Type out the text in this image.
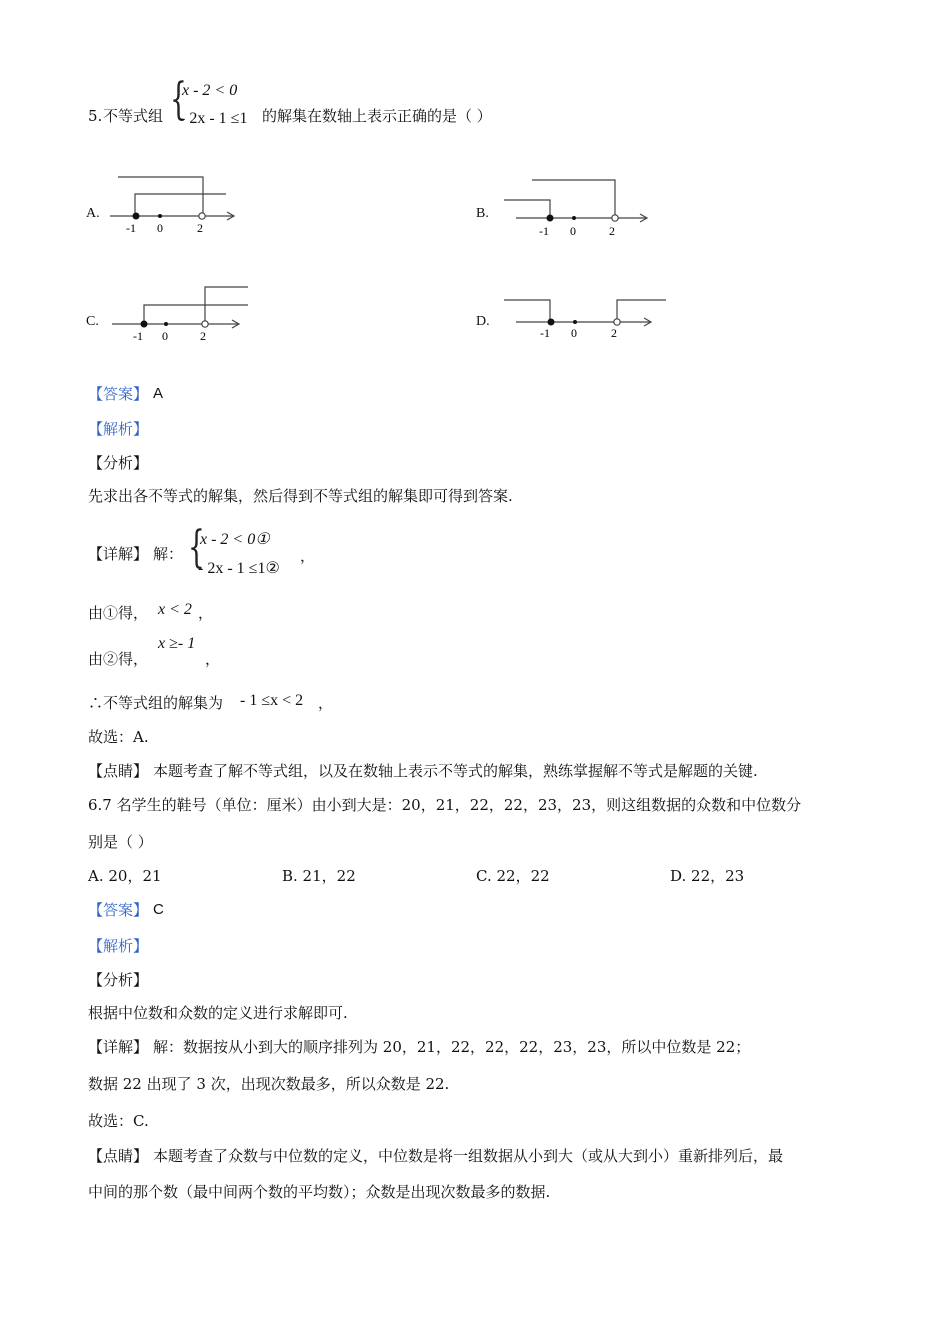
5. 不等式组 {
x - 2 < 0
- 2x - 1 ≤1 的解集在数轴上表示正确的是（ ）
A.
-1 0	2
B.
-1 0	2
C.
-1 0	2
D.
-1 0	2
【答案】 A
【解析】
【分析】
先求出各不等式的解集，然后得到不等式组的解集即可得到答案.
【详解】 解： {
x - 2 < 0①
- 2x - 1 ≤1②
，
由①得， x < 2 ，
由②得，
x ≥- 1
，
∴不等式组的解集为 - 1 ≤x < 2 ，
故选：A.
【点睛】 本题考查了解不等式组，以及在数轴上表示不等式的解集，熟练掌握解不等式是解题的关键.
6.7 名学生的鞋号（单位：厘米）由小到大是：20，21，22，22，23，23，则这组数据的众数和中位数分
别是（ ）
A. 20，21	B. 21，22	C. 22，22	D. 22，23
【答案】 C
【解析】
【分析】
根据中位数和众数的定义进行求解即可.
【详解】 解：数据按从小到大的顺序排列为 20，21，22，22，22，23，23，所以中位数是 22；
数据 22 出现了 3 次，出现次数最多，所以众数是 22.
故选：C.
【点睛】 本题考查了众数与中位数的定义，中位数是将一组数据从小到大（或从大到小）重新排列后，最
中间的那个数（最中间两个数的平均数）；众数是出现次数最多的数据.
